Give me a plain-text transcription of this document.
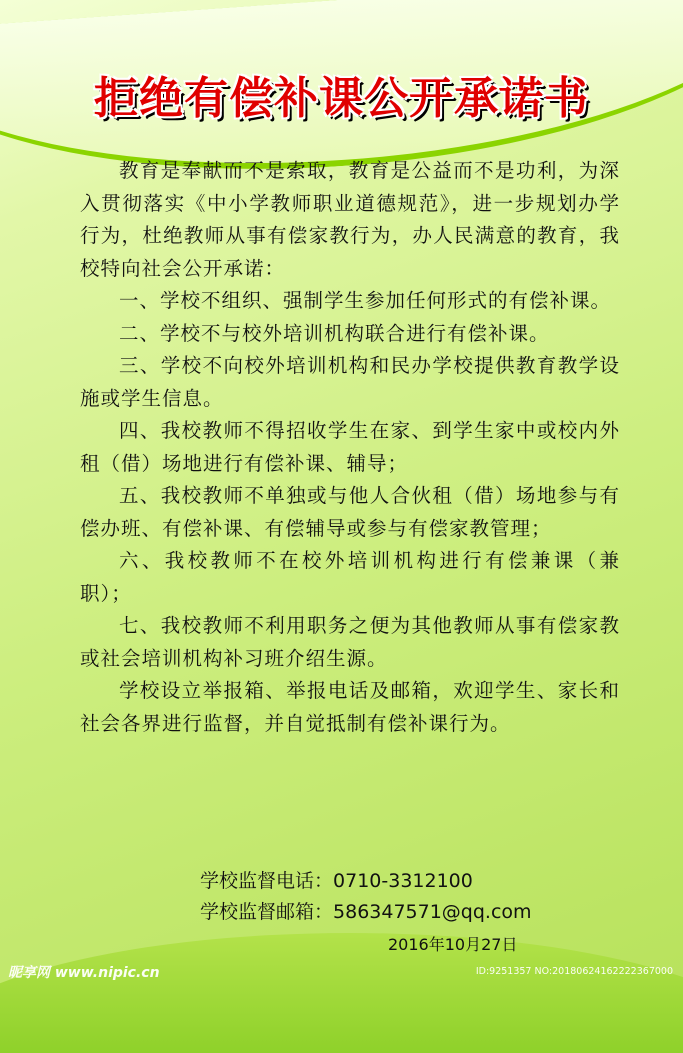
拒绝有偿补课公开承诺书

教育是奉献而不是索取，教育是公益而不是功利，为深入贯彻落实《中小学教师职业道德规范》，进一步规划办学行为，杜绝教师从事有偿家教行为，办人民满意的教育，我校特向社会公开承诺：

一、学校不组织、强制学生参加任何形式的有偿补课。

二、学校不与校外培训机构联合进行有偿补课。

三、学校不向校外培训机构和民办学校提供教育教学设施或学生信息。

四、我校教师不得招收学生在家、到学生家中或校内外租（借）场地进行有偿补课、辅导；

五、我校教师不单独或与他人合伙租（借）场地参与有偿办班、有偿补课、有偿辅导或参与有偿家教管理；

六、我校教师不在校外培训机构进行有偿兼课（兼职）；

七、我校教师不利用职务之便为其他教师从事有偿家教或社会培训机构补习班介绍生源。

学校设立举报箱、举报电话及邮箱，欢迎学生、家长和社会各界进行监督，并自觉抵制有偿补课行为。

学校监督电话：0710-3312100
学校监督邮箱：586347571@qq.com
2016年10月27日
昵享网 www.nipic.cn	ID:9251357 NO:20180624162222367000
